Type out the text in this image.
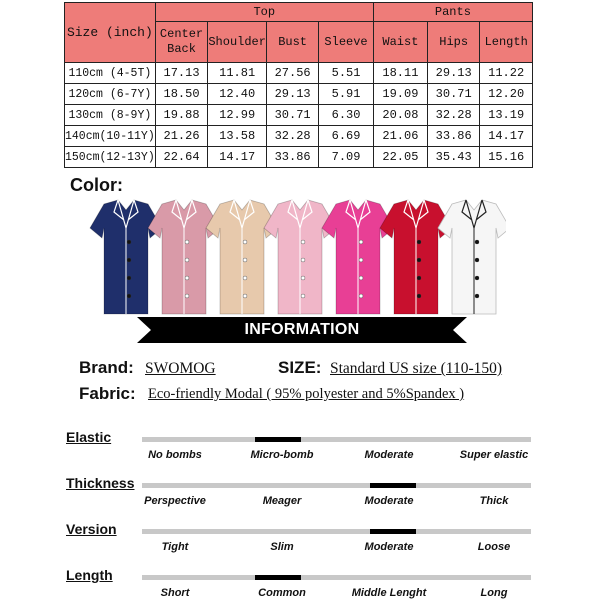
Size (inch)	Top				Pants		
	Center Back	Shoulder	Bust	Sleeve	Waist	Hips	Length
110cm (4-5T)	17.13	11.81	27.56	5.51	18.11	29.13	11.22
120cm (6-7Y)	18.50	12.40	29.13	5.91	19.09	30.71	12.20
130cm (8-9Y)	19.88	12.99	30.71	6.30	20.08	32.28	13.19
140cm(10-11Y)	21.26	13.58	32.28	6.69	21.06	33.86	14.17
150cm(12-13Y)	22.64	14.17	33.86	7.09	22.05	35.43	15.16
Color:
INFORMATION
Brand: SWOMOG	SIZE: Standard US size (110-150)
Fabric: Eco-friendly Modal ( 95% polyester and 5%Spandex )
Elastic
No bombs	Micro-bomb	Moderate	Super elastic
Thickness
Perspective	Meager	Moderate	Thick
Version
Tight	Slim	Moderate	Loose
Length
Short	Common	Middle Lenght	Long
